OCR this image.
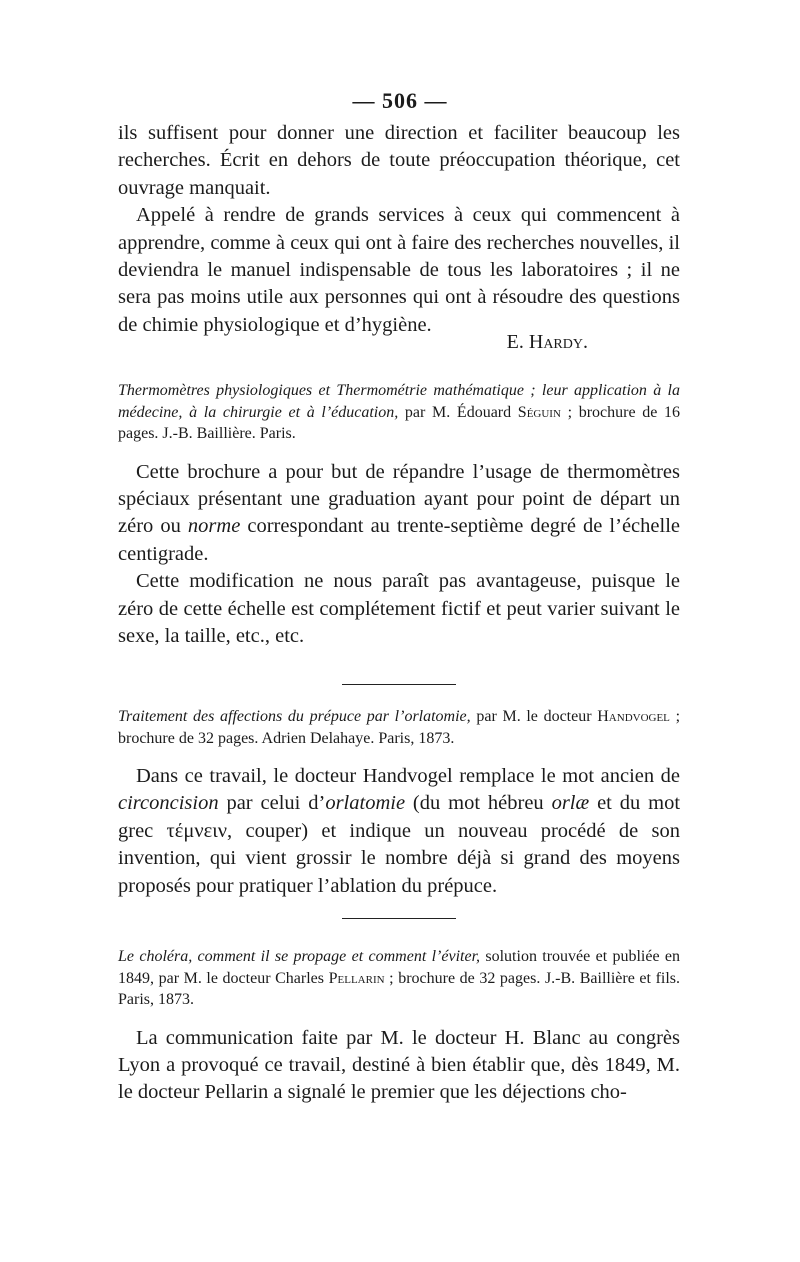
— 506 —

ils suffisent pour donner une direction et faciliter beaucoup les recherches. Écrit en dehors de toute préoccupation théorique, cet ouvrage manquait.

Appelé à rendre de grands services à ceux qui commencent à apprendre, comme à ceux qui ont à faire des recherches nouvelles, il deviendra le manuel indispensable de tous les laboratoires ; il ne sera pas moins utile aux personnes qui ont à résoudre des questions de chimie physiologique et d’hygiène.

E. Hardy.

Thermomètres physiologiques et Thermométrie mathématique ; leur application à la médecine, à la chirurgie et à l’éducation, par M. Édouard Séguin ; brochure de 16 pages. J.-B. Baillière. Paris.

Cette brochure a pour but de répandre l’usage de thermomètres spéciaux présentant une graduation ayant pour point de départ un zéro ou norme correspondant au trente-septième degré de l’échelle centigrade.

Cette modification ne nous paraît pas avantageuse, puisque le zéro de cette échelle est complétement fictif et peut varier suivant le sexe, la taille, etc., etc.

Traitement des affections du prépuce par l’orlatomie, par M. le docteur Handvogel ; brochure de 32 pages. Adrien Delahaye. Paris, 1873.

Dans ce travail, le docteur Handvogel remplace le mot ancien de circoncision par celui d’orlatomie (du mot hébreu orlæ et du mot grec τέμνειν, couper) et indique un nouveau procédé de son invention, qui vient grossir le nombre déjà si grand des moyens proposés pour pratiquer l’ablation du prépuce.

Le choléra, comment il se propage et comment l’éviter, solution trouvée et publiée en 1849, par M. le docteur Charles Pellarin ; brochure de 32 pages. J.-B. Baillière et fils. Paris, 1873.

La communication faite par M. le docteur H. Blanc au congrès Lyon a provoqué ce travail, destiné à bien établir que, dès 1849, M. le docteur Pellarin a signalé le premier que les déjections cho-
